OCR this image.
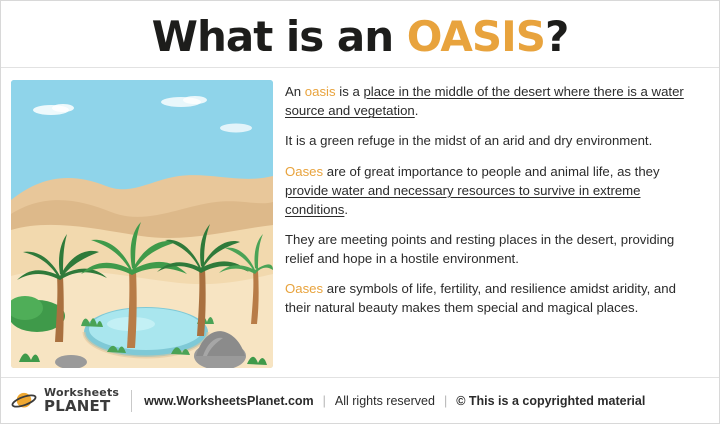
What is an OASIS?

An oasis is a place in the middle of the desert where there is a water source and vegetation.

It is a green refuge in the midst of an arid and dry environment.

Oases are of great importance to people and animal life, as they provide water and necessary resources to survive in extreme conditions.

They are meeting points and resting places in the desert, providing relief and hope in a hostile environment.

Oases are symbols of life, fertility, and resilience amidst aridity, and their natural beauty makes them special and magical places.

Worksheets
PLANET	www.WorksheetsPlanet.com | All rights reserved | © This is a copyrighted material
